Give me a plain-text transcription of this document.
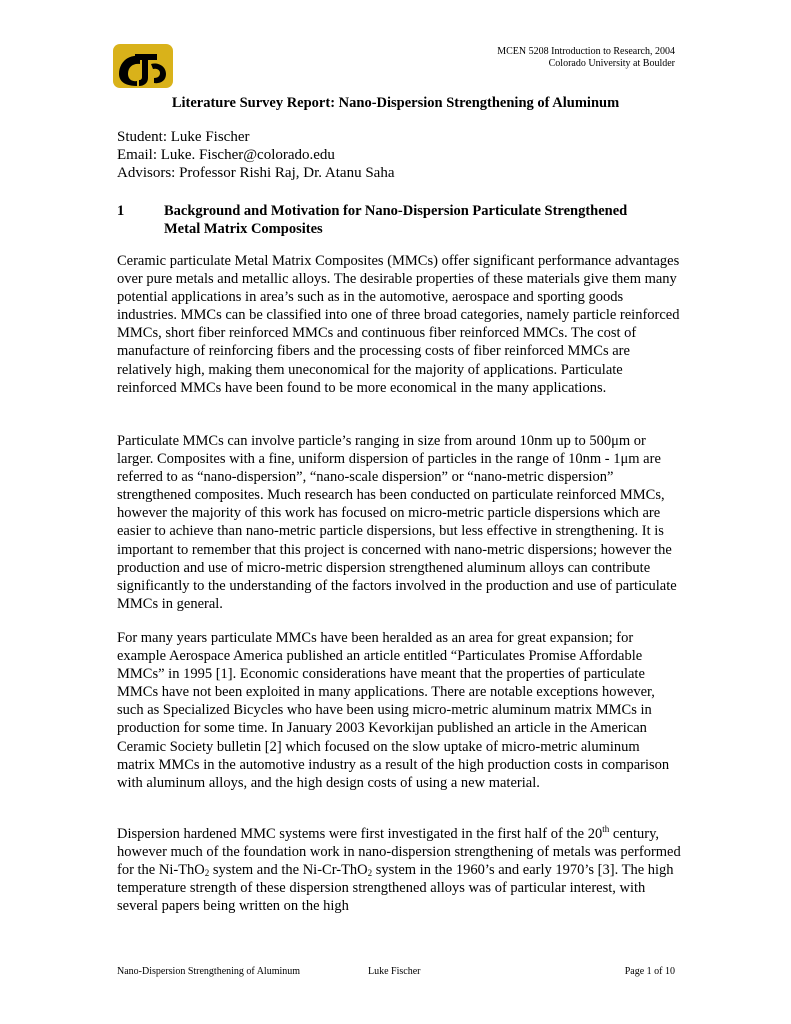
MCEN 5208 Introduction to Research, 2004
Colorado University at Boulder
Literature Survey Report: Nano-Dispersion Strengthening of Aluminum
Student: Luke Fischer
Email: Luke. Fischer@colorado.edu
Advisors: Professor Rishi Raj, Dr. Atanu Saha
1	Background and Motivation for Nano-Dispersion Particulate Strengthened
Metal Matrix Composites

Ceramic particulate Metal Matrix Composites (MMCs) offer significant performance advantages over pure metals and metallic alloys. The desirable properties of these materials give them many potential applications in area’s such as in the automotive, aerospace and sporting goods industries. MMCs can be classified into one of three broad categories, namely particle reinforced MMCs, short fiber reinforced MMCs and continuous fiber reinforced MMCs. The cost of manufacture of reinforcing fibers and the processing costs of fiber reinforced MMCs are relatively high, making them uneconomical for the majority of applications. Particulate reinforced MMCs have been found to be more economical in the many applications.

Particulate MMCs can involve particle’s ranging in size from around 10nm up to 500μm or larger. Composites with a fine, uniform dispersion of particles in the range of 10nm - 1μm are referred to as “nano-dispersion”, “nano-scale dispersion” or “nano-metric dispersion” strengthened composites. Much research has been conducted on particulate reinforced MMCs, however the majority of this work has focused on micro-metric particle dispersions which are easier to achieve than nano-metric particle dispersions, but less effective in strengthening. It is important to remember that this project is concerned with nano-metric dispersions; however the production and use of micro-metric dispersion strengthened aluminum alloys can contribute significantly to the understanding of the factors involved in the production and use of particulate MMCs in general.

For many years particulate MMCs have been heralded as an area for great expansion; for example Aerospace America published an article entitled “Particulates Promise Affordable MMCs” in 1995 [1]. Economic considerations have meant that the properties of particulate MMCs have not been exploited in many applications. There are notable exceptions however, such as Specialized Bicycles who have been using micro-metric aluminum matrix MMCs in production for some time. In January 2003 Kevorkijan published an article in the American Ceramic Society bulletin [2] which focused on the slow uptake of micro-metric aluminum matrix MMCs in the automotive industry as a result of the high production costs in comparison with aluminum alloys, and the high design costs of using a new material.

Dispersion hardened MMC systems were first investigated in the first half of the 20th century, however much of the foundation work in nano-dispersion strengthening of metals was performed for the Ni-ThO$_2$ system and the Ni-Cr-ThO$_2$ system in the 1960’s and early 1970’s [3]. The high temperature strength of these dispersion strengthened alloys was of particular interest, with several papers being written on the high

Nano-Dispersion Strengthening of Aluminum	Luke Fischer	Page 1 of 10
